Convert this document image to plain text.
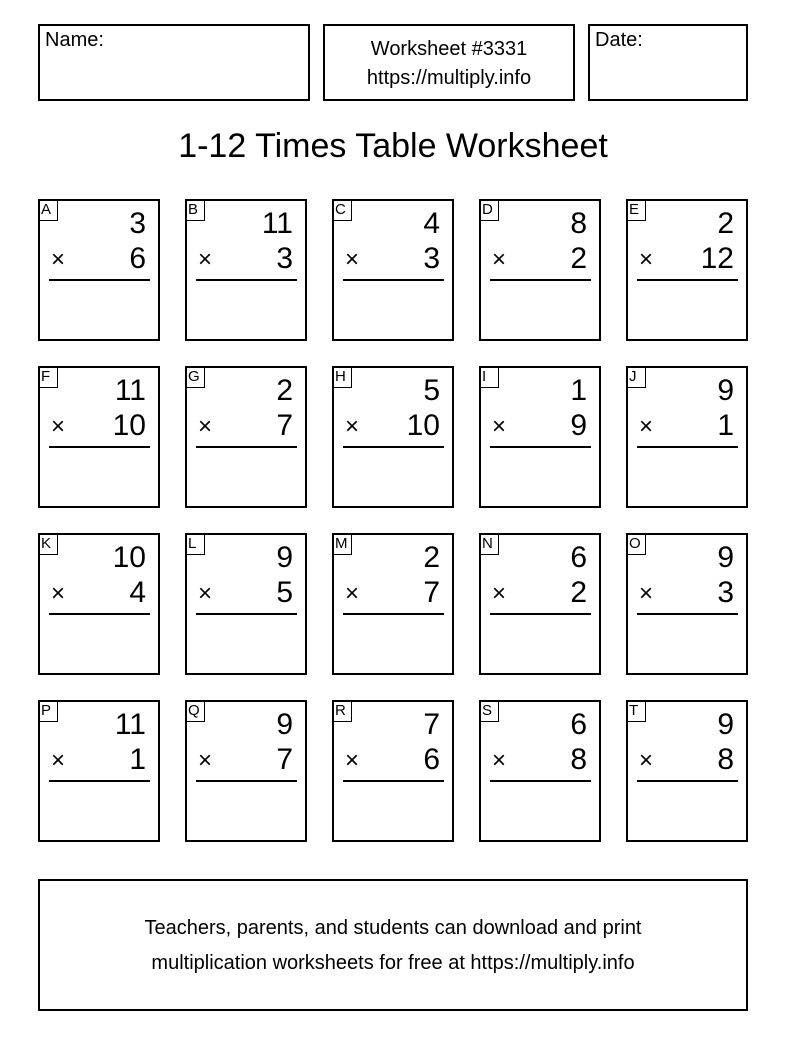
Name:	Worksheet #3331
https://multiply.info
Date:
1-12 Times Table Worksheet
A	3
× 6
B 11
× 3
C	4
× 3
D	8
× 2
E	2
× 12
F 11
× 10
G	2
× 7
H	5
× 10
I	1
× 9
J	9
× 1
K 10
× 4
L	9
× 5
M	2
× 7
N	6
× 2
O	9
× 3
P 11
× 1
Q	9
× 7
R	7
× 6
S	6
× 8
T	9
× 8
Teachers, parents, and students can download and print
multiplication worksheets for free at https://multiply.info
